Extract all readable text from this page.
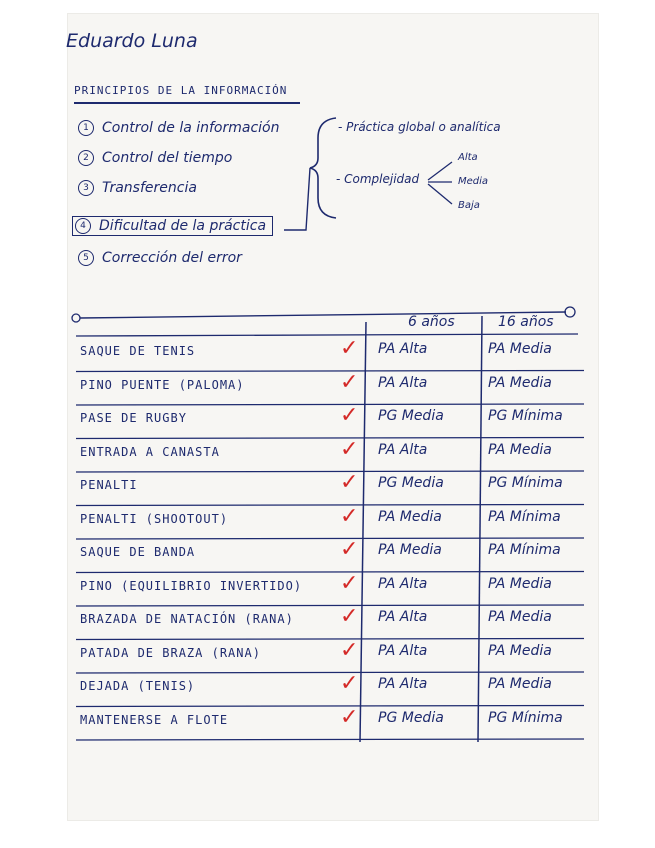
Eduardo Luna
PRINCIPIOS DE LA INFORMACIÓN
1 Control de la información
2 Control del tiempo
3 Transferencia
4 Dificultad de la práctica
5 Corrección del error
- Práctica global o analítica
- Complejidad
Alta
Media
Baja
6 años	16 años
SAQUE DE TENIS	✓ PA Alta	PA Media
PINO PUENTE (PALOMA)	✓ PA Alta	PA Media
PASE DE RUGBY	✓ PG Media	PG Mínima
ENTRADA A CANASTA	✓ PA Alta	PA Media
PENALTI	✓ PG Media	PG Mínima
PENALTI (SHOOTOUT)	✓ PA Media	PA Mínima
SAQUE DE BANDA	✓ PA Media	PA Mínima
PINO (EQUILIBRIO INVERTIDO) ✓ PA Alta	PA Media
BRAZADA DE NATACIÓN (RANA) ✓ PA Alta	PA Media
PATADA DE BRAZA (RANA)	✓ PA Alta	PA Media
DEJADA (TENIS)	✓ PA Alta	PA Media
MANTENERSE A FLOTE	✓ PG Media	PG Mínima
